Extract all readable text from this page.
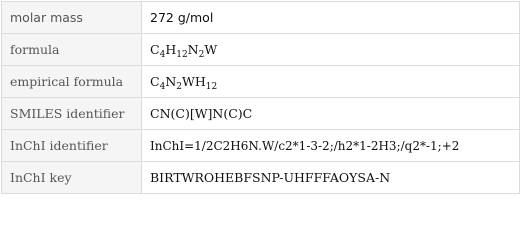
molar mass	272 g/mol
formula	$C_4H_{12}N_2W$
empirical formula	$C_4N_2WH_{12}$
SMILES identifier	CN(C)[W]N(C)C
InChI identifier	InChI=1/2C2H6N.W/c2*1-3-2;/h2*1-2H3;/q2*-1;+2
InChI key	BIRTWROHEBFSNP-UHFFFAOYSA-N
